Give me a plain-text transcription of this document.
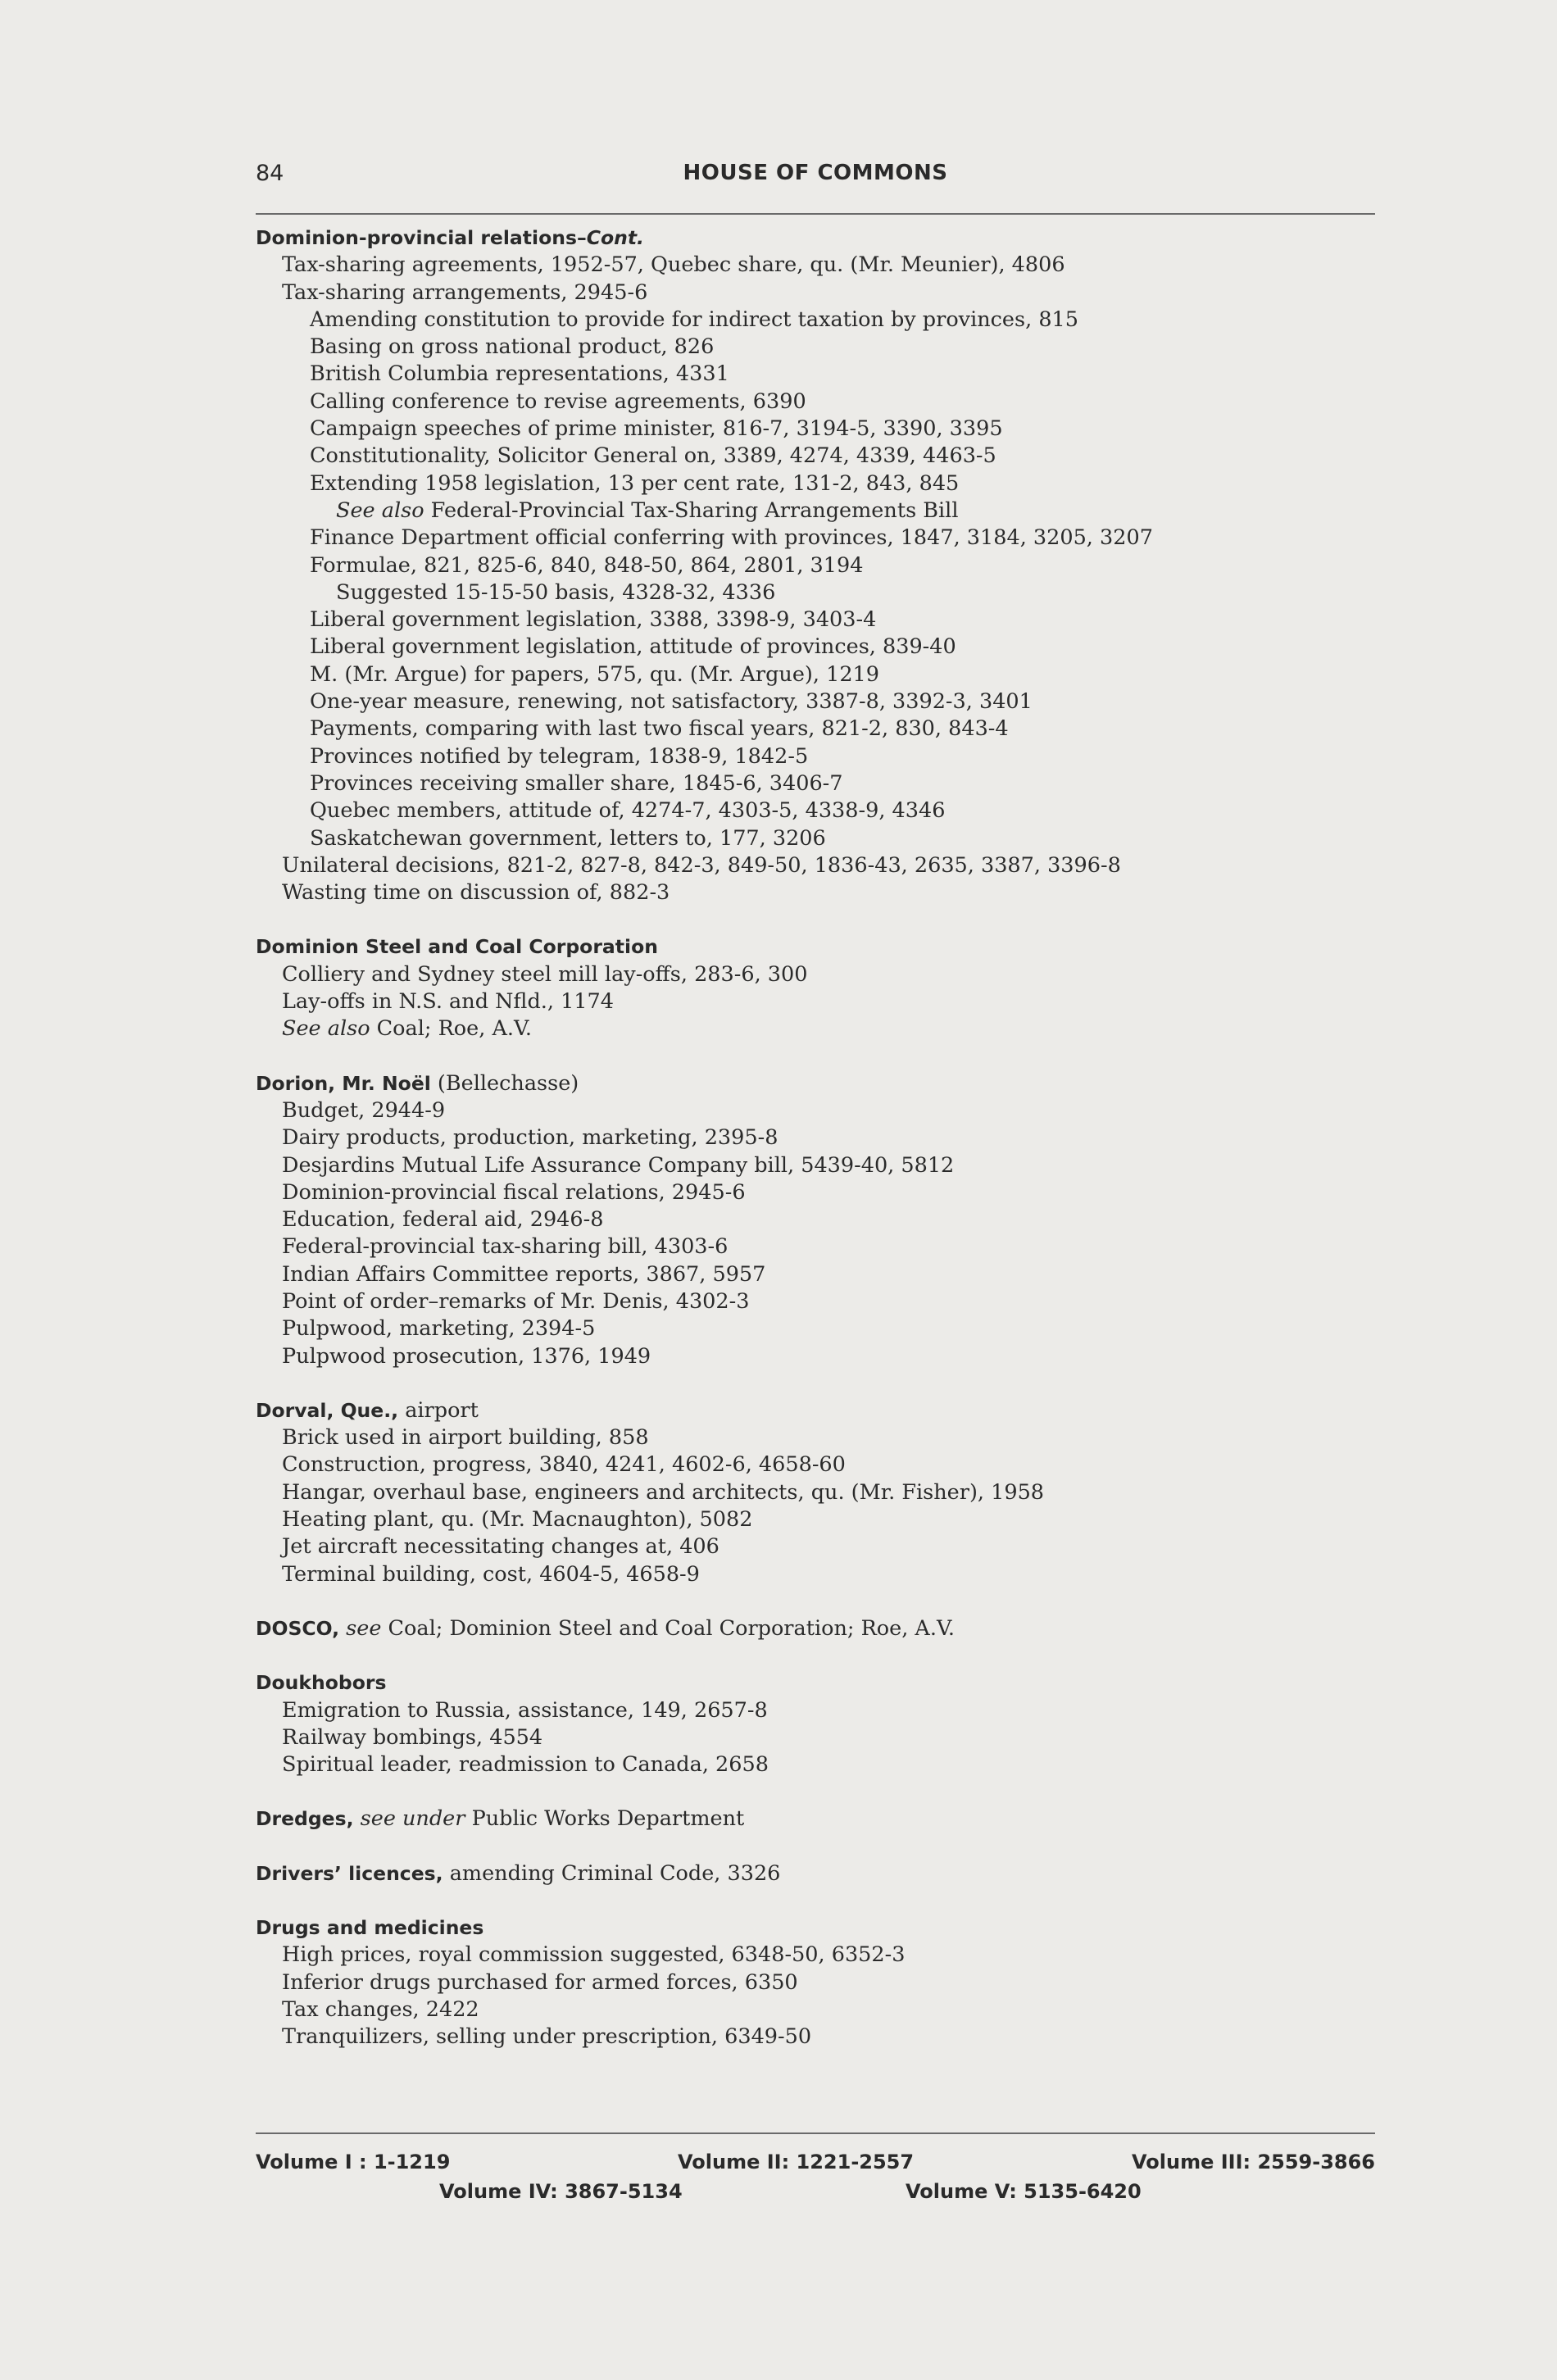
84	HOUSE OF COMMONS
Dominion-provincial relations–Cont.
Tax-sharing agreements, 1952-57, Quebec share, qu. (Mr. Meunier), 4806
Tax-sharing arrangements, 2945-6
Amending constitution to provide for indirect taxation by provinces, 815
Basing on gross national product, 826
British Columbia representations, 4331
Calling conference to revise agreements, 6390
Campaign speeches of prime minister, 816-7, 3194-5, 3390, 3395
Constitutionality, Solicitor General on, 3389, 4274, 4339, 4463-5
Extending 1958 legislation, 13 per cent rate, 131-2, 843, 845
See also Federal-Provincial Tax-Sharing Arrangements Bill
Finance Department official conferring with provinces, 1847, 3184, 3205, 3207
Formulae, 821, 825-6, 840, 848-50, 864, 2801, 3194
Suggested 15-15-50 basis, 4328-32, 4336
Liberal government legislation, 3388, 3398-9, 3403-4
Liberal government legislation, attitude of provinces, 839-40
M. (Mr. Argue) for papers, 575, qu. (Mr. Argue), 1219
One-year measure, renewing, not satisfactory, 3387-8, 3392-3, 3401
Payments, comparing with last two fiscal years, 821-2, 830, 843-4
Provinces notified by telegram, 1838-9, 1842-5
Provinces receiving smaller share, 1845-6, 3406-7
Quebec members, attitude of, 4274-7, 4303-5, 4338-9, 4346
Saskatchewan government, letters to, 177, 3206
Unilateral decisions, 821-2, 827-8, 842-3, 849-50, 1836-43, 2635, 3387, 3396-8
Wasting time on discussion of, 882-3
Dominion Steel and Coal Corporation
Colliery and Sydney steel mill lay-offs, 283-6, 300
Lay-offs in N.S. and Nfld., 1174
See also Coal; Roe, A.V.
Dorion, Mr. Noël (Bellechasse)
Budget, 2944-9
Dairy products, production, marketing, 2395-8
Desjardins Mutual Life Assurance Company bill, 5439-40, 5812
Dominion-provincial fiscal relations, 2945-6
Education, federal aid, 2946-8
Federal-provincial tax-sharing bill, 4303-6
Indian Affairs Committee reports, 3867, 5957
Point of order–remarks of Mr. Denis, 4302-3
Pulpwood, marketing, 2394-5
Pulpwood prosecution, 1376, 1949
Dorval, Que., airport
Brick used in airport building, 858
Construction, progress, 3840, 4241, 4602-6, 4658-60
Hangar, overhaul base, engineers and architects, qu. (Mr. Fisher), 1958
Heating plant, qu. (Mr. Macnaughton), 5082
Jet aircraft necessitating changes at, 406
Terminal building, cost, 4604-5, 4658-9
DOSCO, see Coal; Dominion Steel and Coal Corporation; Roe, A.V.
Doukhobors
Emigration to Russia, assistance, 149, 2657-8
Railway bombings, 4554
Spiritual leader, readmission to Canada, 2658
Dredges, see under Public Works Department
Drivers’ licences, amending Criminal Code, 3326
Drugs and medicines
High prices, royal commission suggested, 6348-50, 6352-3
Inferior drugs purchased for armed forces, 6350
Tax changes, 2422
Tranquilizers, selling under prescription, 6349-50
Volume I : 1-1219	Volume II: 1221-2557	Volume III: 2559-3866
Volume IV: 3867-5134	Volume V: 5135-6420
